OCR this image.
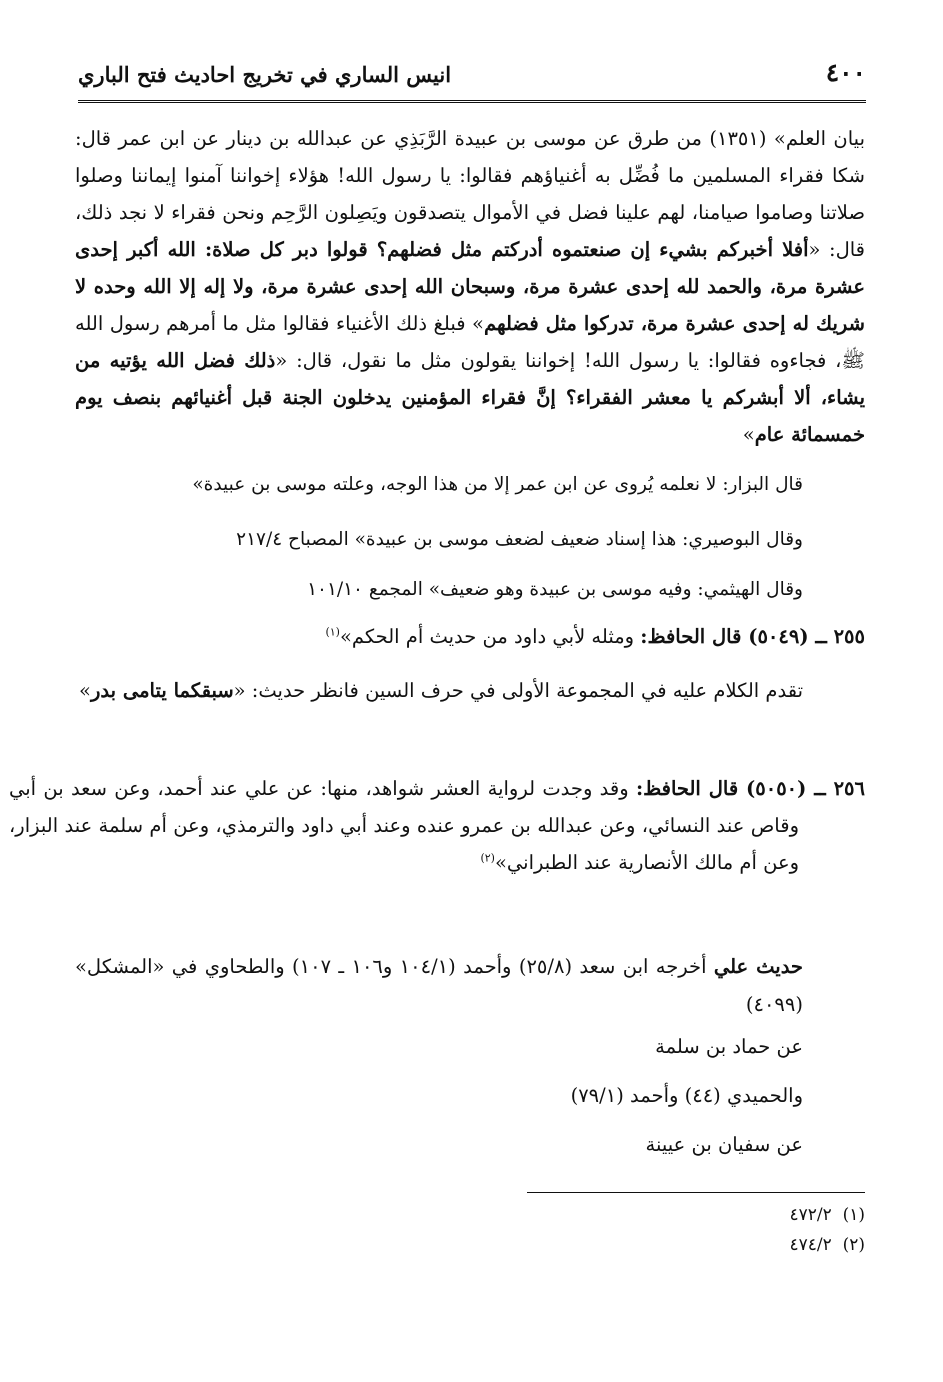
٤٠٠
انيس الساري في تخريج احاديث فتح الباري
بيان العلم» (١٣٥١) من طرق عن موسى بن عبيدة الرَّبَذِي عن عبدالله بن دينار عن ابن عمر قال: شكا فقراء المسلمين ما فُضِّل به أغنياؤهم فقالوا: يا رسول الله! هؤلاء إخواننا آمنوا إيماننا وصلوا صلاتنا وصاموا صيامنا، لهم علينا فضل في الأموال يتصدقون ويَصِلون الرَّحِم ونحن فقراء لا نجد ذلك، قال: «أفلا أخبركم بشيء إن صنعتموه أدركتم مثل فضلهم؟ قولوا دبر كل صلاة: الله أكبر إحدى عشرة مرة، والحمد لله إحدى عشرة مرة، وسبحان الله إحدى عشرة مرة، ولا إله إلا الله وحده لا شريك له إحدى عشرة مرة، تدركوا مثل فضلهم» فبلغ ذلك الأغنياء فقالوا مثل ما أمرهم رسول الله ﷺ، فجاءوه فقالوا: يا رسول الله! إخواننا يقولون مثل ما نقول، قال: «ذلك فضل الله يؤتيه من يشاء، ألا أبشركم يا معشر الفقراء؟ إنَّ فقراء المؤمنين يدخلون الجنة قبل أغنيائهم بنصف يوم خمسمائة عام»
قال البزار: لا نعلمه يُروى عن ابن عمر إلا من هذا الوجه، وعلته موسى بن عبيدة»
وقال البوصيري: هذا إسناد ضعيف لضعف موسى بن عبيدة» المصباح ٢١٧/٤
وقال الهيثمي: وفيه موسى بن عبيدة وهو ضعيف» المجمع ١٠١/١٠
٢٥٥ ــ (٥٠٤٩) قال الحافظ: ومثله لأبي داود من حديث أم الحكم»$^{(١)}$
تقدم الكلام عليه في المجموعة الأولى في حرف السين فانظر حديث: «سبقكما يتامى بدر»
٢٥٦ ــ (٥٠٥٠) قال الحافظ: وقد وجدت لرواية العشر شواهد، منها: عن علي عند أحمد، وعن سعد بن أبي وقاص عند النسائي، وعن عبدالله بن عمرو عنده وعند أبي داود والترمذي، وعن أم سلمة عند البزار، وعن أم مالك الأنصارية عند الطبراني»$^{(٢)}$
حديث علي أخرجه ابن سعد (٢٥/٨) وأحمد (١٠٤/١ و١٠٦ ـ ١٠٧) والطحاوي في «المشكل» (٤٠٩٩)
عن حماد بن سلمة
والحميدي (٤٤) وأحمد (٧٩/١)
عن سفيان بن عيينة
(١)  ٤٧٢/٢
(٢)  ٤٧٤/٢
